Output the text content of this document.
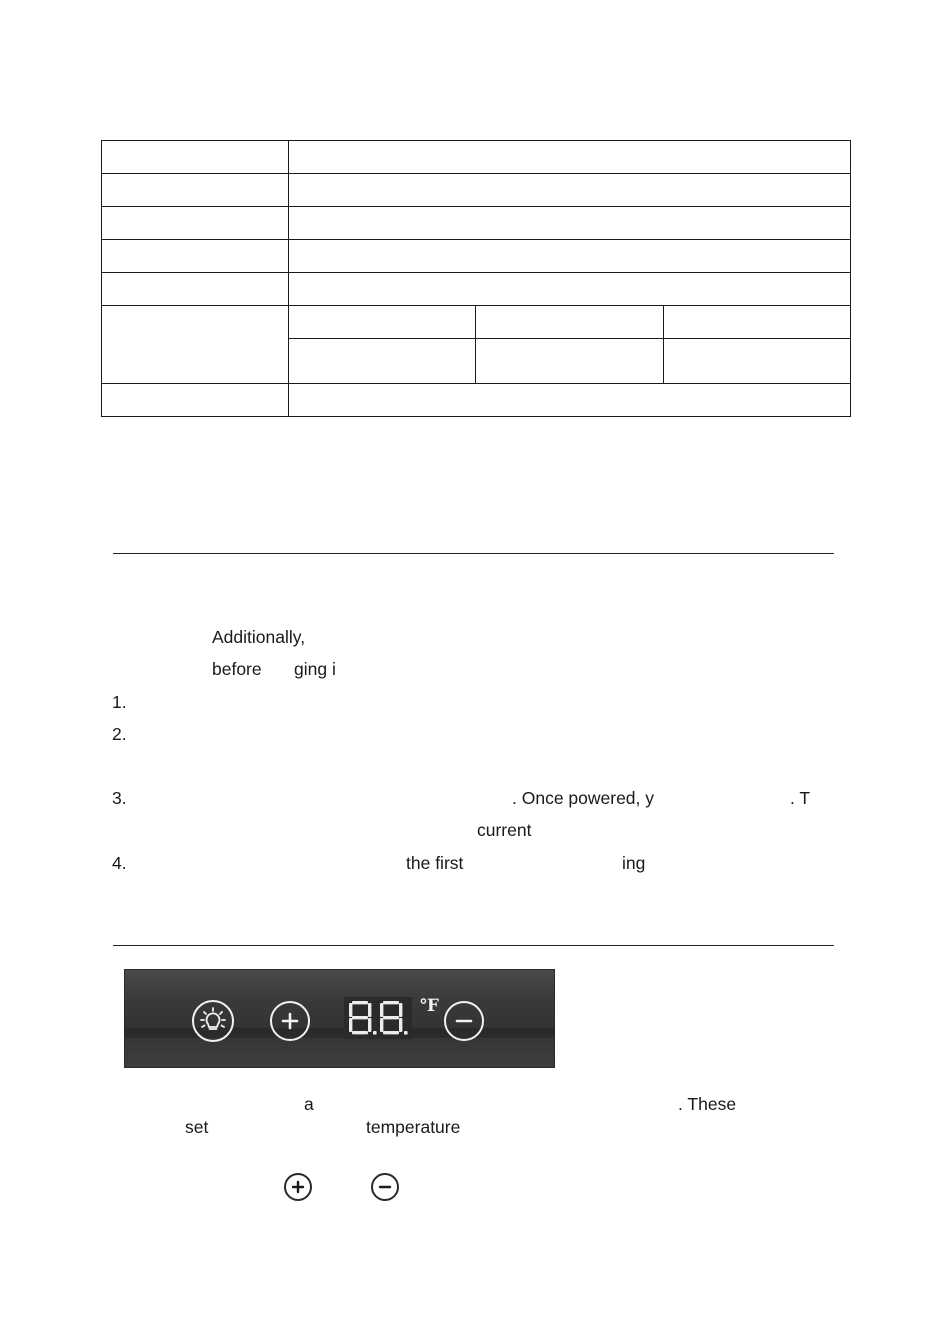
Additionally,
before ging i
1.
2.
3.	. Once powered, y	. T
current
4.	the first	ing
℉
a	. These
set	temperature
